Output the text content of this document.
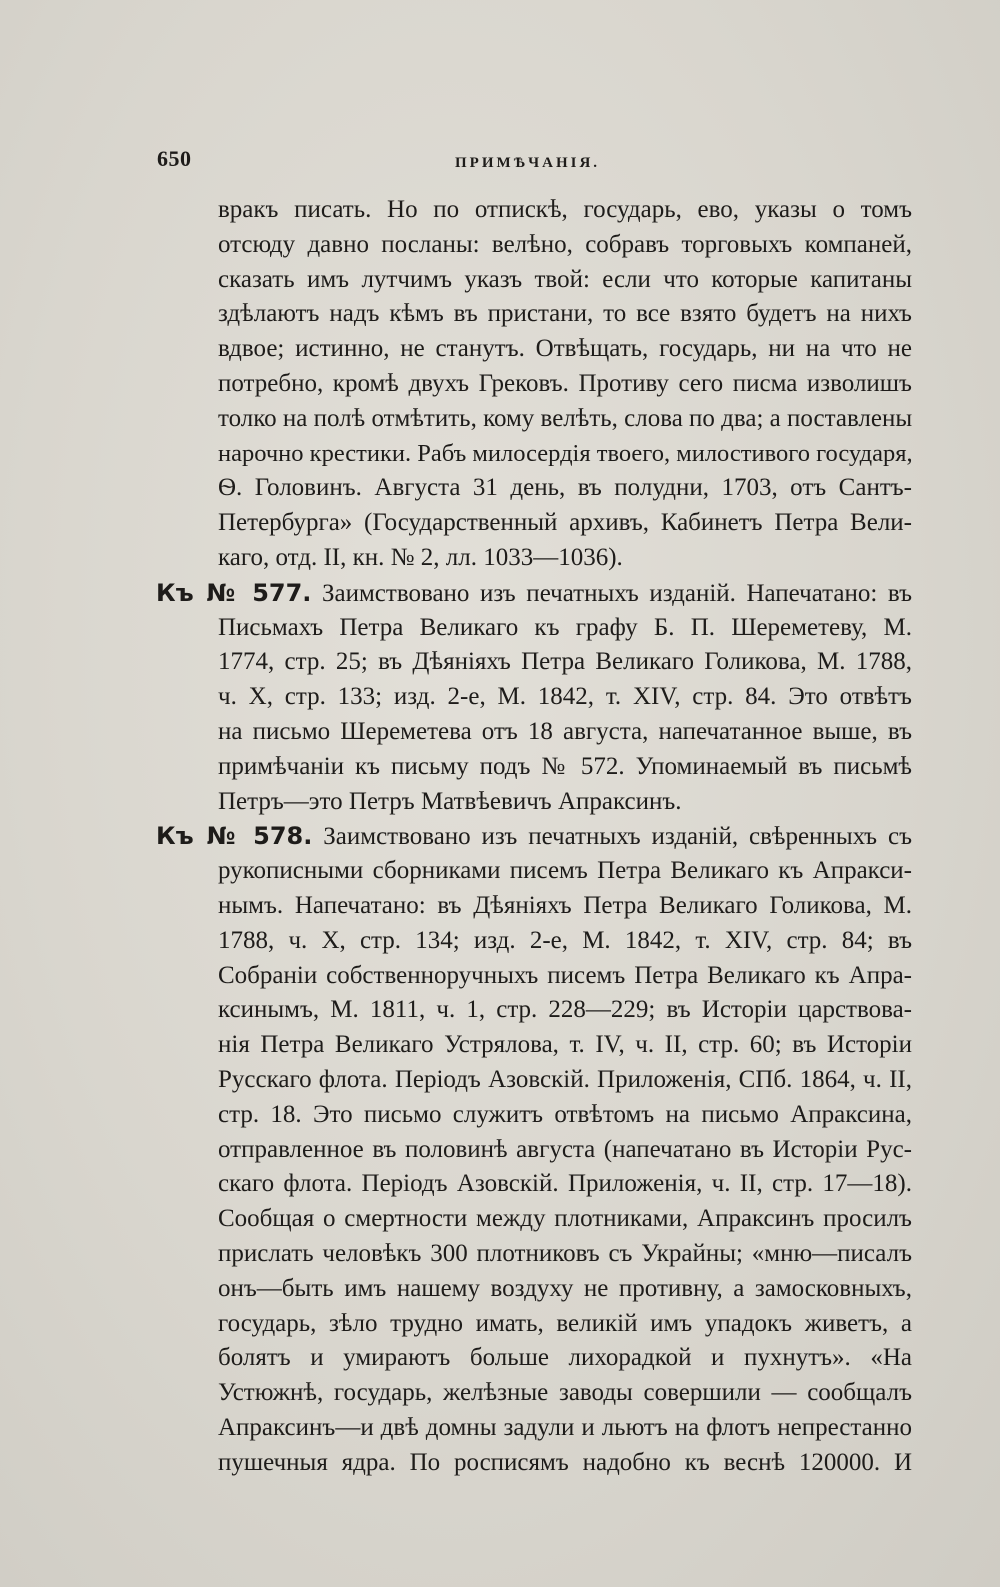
650	ПРИМѢЧАНІЯ.
вракъ писать. Но по отпискѣ, государь, ево, указы о томъ
отсюду давно посланы: велѣно, собравъ торговыхъ компаней,
сказать имъ лутчимъ указъ твой: если что которые капитаны
здѣлаютъ надъ кѣмъ въ пристани, то все взято будетъ на нихъ
вдвое; истинно, не станутъ. Отвѣщать, государь, ни на что не
потребно, кромѣ двухъ Грековъ. Противу сего писма изволишъ
толко на полѣ отмѣтить, кому велѣть, слова по два; а поставлены
нарочно крестики. Рабъ милосердія твоего, милостивого государя,
Ѳ. Головинъ. Августа 31 день, въ полудни, 1703, отъ Сантъ-
Петербурга» (Государственный архивъ, Кабинетъ Петра Вели-
каго, отд. II, кн. № 2, лл. 1033—1036).
Къ № 577. Заимствовано изъ печатныхъ изданій. Напечатано: въ
Письмахъ Петра Великаго къ графу Б. П. Шереметеву, М.
1774, стр. 25; въ Дѣяніяхъ Петра Великаго Голикова, М. 1788,
ч. X, стр. 133; изд. 2-е, М. 1842, т. XIV, стр. 84. Это отвѣтъ
на письмо Шереметева отъ 18 августа, напечатанное выше, въ
примѣчаніи къ письму подъ № 572. Упоминаемый въ письмѣ
Петръ—это Петръ Матвѣевичъ Апраксинъ.
Къ № 578. Заимствовано изъ печатныхъ изданій, свѣренныхъ съ
рукописными сборниками писемъ Петра Великаго къ Апракси-
нымъ. Напечатано: въ Дѣяніяхъ Петра Великаго Голикова, М.
1788, ч. X, стр. 134; изд. 2-е, М. 1842, т. XIV, стр. 84; въ
Собраніи собственноручныхъ писемъ Петра Великаго къ Апра-
ксинымъ, М. 1811, ч. 1, стр. 228—229; въ Исторіи царствова-
нія Петра Великаго Устрялова, т. IV, ч. II, стр. 60; въ Исторіи
Русскаго флота. Періодъ Азовскій. Приложенія, СПб. 1864, ч. II,
стр. 18. Это письмо служитъ отвѣтомъ на письмо Апраксина,
отправленное въ половинѣ августа (напечатано въ Исторіи Рус-
скаго флота. Періодъ Азовскій. Приложенія, ч. II, стр. 17—18).
Сообщая о смертности между плотниками, Апраксинъ просилъ
прислать человѣкъ 300 плотниковъ съ Украйны; «мню—писалъ
онъ—быть имъ нашему воздуху не противну, а замосковныхъ,
государь, зѣло трудно имать, великій имъ упадокъ живетъ, а
болятъ и умираютъ больше лихорадкой и пухнутъ». «На
Устюжнѣ, государь, желѣзные заводы совершили — сообщалъ
Апраксинъ—и двѣ домны задули и льютъ на флотъ непрестанно
пушечныя ядра. По росписямъ надобно къ веснѣ 120000. И
